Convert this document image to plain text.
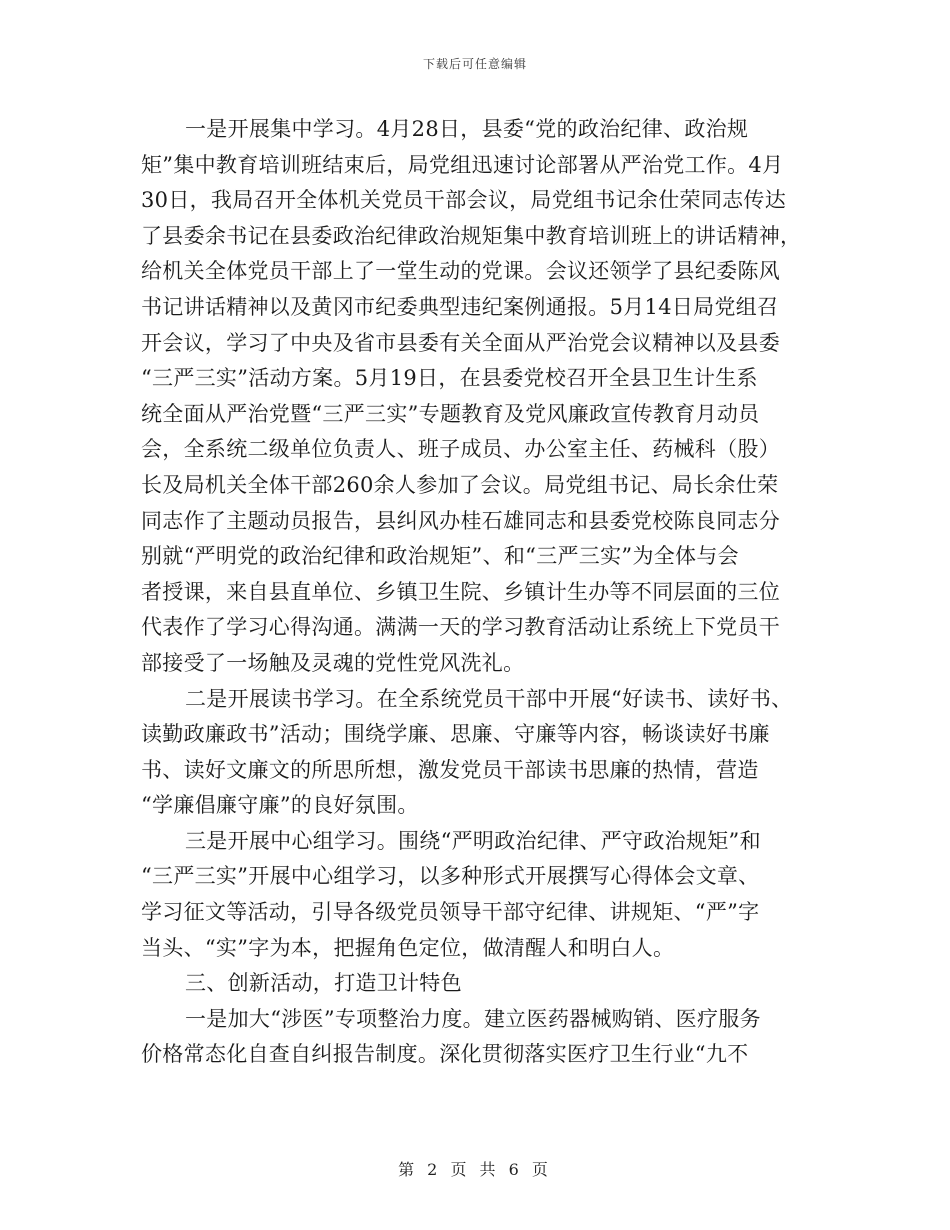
下载后可任意编辑
一是开展集中学习。4月28日，县委“党的政治纪律、政治规
矩”集中教育培训班结束后，局党组迅速讨论部署从严治党工作。4月
30日，我局召开全体机关党员干部会议，局党组书记余仕荣同志传达
了县委余书记在县委政治纪律政治规矩集中教育培训班上的讲话精神，
给机关全体党员干部上了一堂生动的党课。会议还领学了县纪委陈风
书记讲话精神以及黄冈市纪委典型违纪案例通报。5月14日局党组召
开会议，学习了中央及省市县委有关全面从严治党会议精神以及县委
“三严三实”活动方案。5月19日，在县委党校召开全县卫生计生系
统全面从严治党暨“三严三实”专题教育及党风廉政宣传教育月动员
会，全系统二级单位负责人、班子成员、办公室主任、药械科（股）
长及局机关全体干部260余人参加了会议。局党组书记、局长余仕荣
同志作了主题动员报告，县纠风办桂石雄同志和县委党校陈良同志分
别就“严明党的政治纪律和政治规矩”、和“三严三实”为全体与会
者授课，来自县直单位、乡镇卫生院、乡镇计生办等不同层面的三位
代表作了学习心得沟通。满满一天的学习教育活动让系统上下党员干
部接受了一场触及灵魂的党性党风洗礼。
二是开展读书学习。在全系统党员干部中开展“好读书、读好书、
读勤政廉政书”活动；围绕学廉、思廉、守廉等内容，畅谈读好书廉
书、读好文廉文的所思所想，激发党员干部读书思廉的热情，营造
“学廉倡廉守廉”的良好氛围。
三是开展中心组学习。围绕“严明政治纪律、严守政治规矩”和
“三严三实”开展中心组学习，以多种形式开展撰写心得体会文章、
学习征文等活动，引导各级党员领导干部守纪律、讲规矩、“严”字
当头、“实”字为本，把握角色定位，做清醒人和明白人。
三、创新活动，打造卫计特色
一是加大“涉医”专项整治力度。建立医药器械购销、医疗服务
价格常态化自查自纠报告制度。深化贯彻落实医疗卫生行业“九不
第 2 页 共 6 页
